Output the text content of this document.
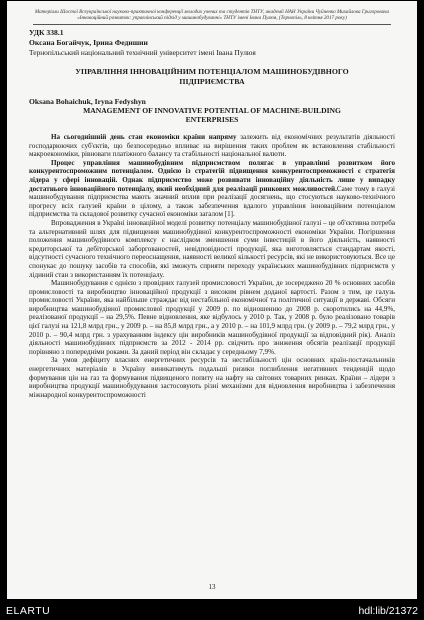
Матеріали Шостої Всеукраїнської науково-практичної конференції молодих учених та студентів ТНТУ, академії НАН України Чуйченко Михайлова Григоровича «Інноваційний розвиток: управлінський підхід у машинобудуванні» ТНТУ імені Івана Пулюя, (Тернопіль, 8 квітня 2017 року)
УДК 338.1
Оксана Богайчук, Ірина Федишин
Тернопільський національний технічний університет імені Івана Пулюя
УПРАВЛІННЯ ІННОВАЦІЙНИМ ПОТЕНЦІАЛОМ МАШИНОБУДІВНОГО ПІДПРИЄМСТВА
Oksana Bohaichuk, Iryna Fedyshyn
MANAGEMENT OF INNOVATIVE POTENTIAL OF MACHINE-BUILDING ENTERPRISES

На сьогоднішній день стан економіки країни напряму залежить від економічних результатів діяльності господарюючих суб'єктів, що безпосередньо впливає на вирішення таких проблем як встановлення стабільності макроекономіки, рівноваги платіжного балансу та стабільності національної валюти.

Процес управління машинобудівним підприємством полягає в управлінні розвитком його конкурентоспроможним потенціалом. Однією із стратегій підвищення конкурентоспроможності є стратегія лідера у сфері інновацій. Однак підприємство може розвивати інноваційну діяльність лише у випадку достатнього інноваційного потенціалу, який необхідний для реалізації ринкових можливостей.Саме тому в галузі машинобудування підприємства мають значний вплив при реалізації досягнень, що стосуються науково-технічного прогресу всіх галузей країни в цілому, а також забезпечення вдалого управління інноваційним потенціалом підприємства та складової розвитку сучасної економіки загалом [1].

Впровадження в Україні інноваційної моделі розвитку потенціалу машинобудівної галузі – це об'єктивна потреба та альтернативний шлях для підвищення машинобудівної конкурентоспроможності економіки України. Погіршення положення машинобудівного комплексу є наслідком зменшення суми інвестицій в його діяльність, наявності кредиторської та дебіторської заборгованостей, невідповідності продукції, яка виготовляється стандартам якості, відсутності сучасного технічного переоснащення, наявності великої кількості ресурсів, які не використовуються. Все це спонукає до пошуку засобів та способів, які зможуть сприяти переходу українських машинобудівних підприємств у лідиний стан з використанням їх потенціалу.

Машинобудування є однією з провідних галузей промисловості України, де зосереджено 20 % основних засобів промисловості та виробництво інноваційної продукції з високим рівнем доданої вартості. Разом з тим, це галузь промисловості України, яка найбільше страждає від нестабільної економічної та політичної ситуації в державі. Обсяги виробництва машинобудівної промислової продукції у 2009 р. по відношенню до 2008 р. скоротились на 44,9%, реалізованої продукції – на 29,5%. Певне відновлення, яке відбулось у 2010 р. Так, у 2008 р. було реалізовано товарів цієї галузі на 121,8 млрд грн., у 2009 р. – на 85,8 млрд грн., а у 2010 р. – на 101,9 млрд грн. (у 2009 р. – 79,2 млрд грн., у 2010 р. – 90,4 млрд грн. з урахуванням індексу цін виробників машинобудівної продукції за відповідний рік). Аналіз діяльності машинобудівних підприємств за 2012 - 2014 рр. свідчить про зниження обсягів реалізації продукції порівняно з попередніми роками. За даний період він складає у середньому 7,9%.

За умов дефіциту власних енергетичних ресурсів та нестабільності цін основних країн-постачальників енергетичних матеріалів в Україну виникатимуть подальші ризики поглиблення негативних тенденцій щодо формування цін на газ та формування підвищеного попиту на нафту на світових товарних ринках. Країни – лідери з виробництва продукції машинобудування застосовують різні механізми для відновлення виробництва і забезпечення міжнародної конкурентоспроможності

13
ELARTU	hdl:lib/21372
